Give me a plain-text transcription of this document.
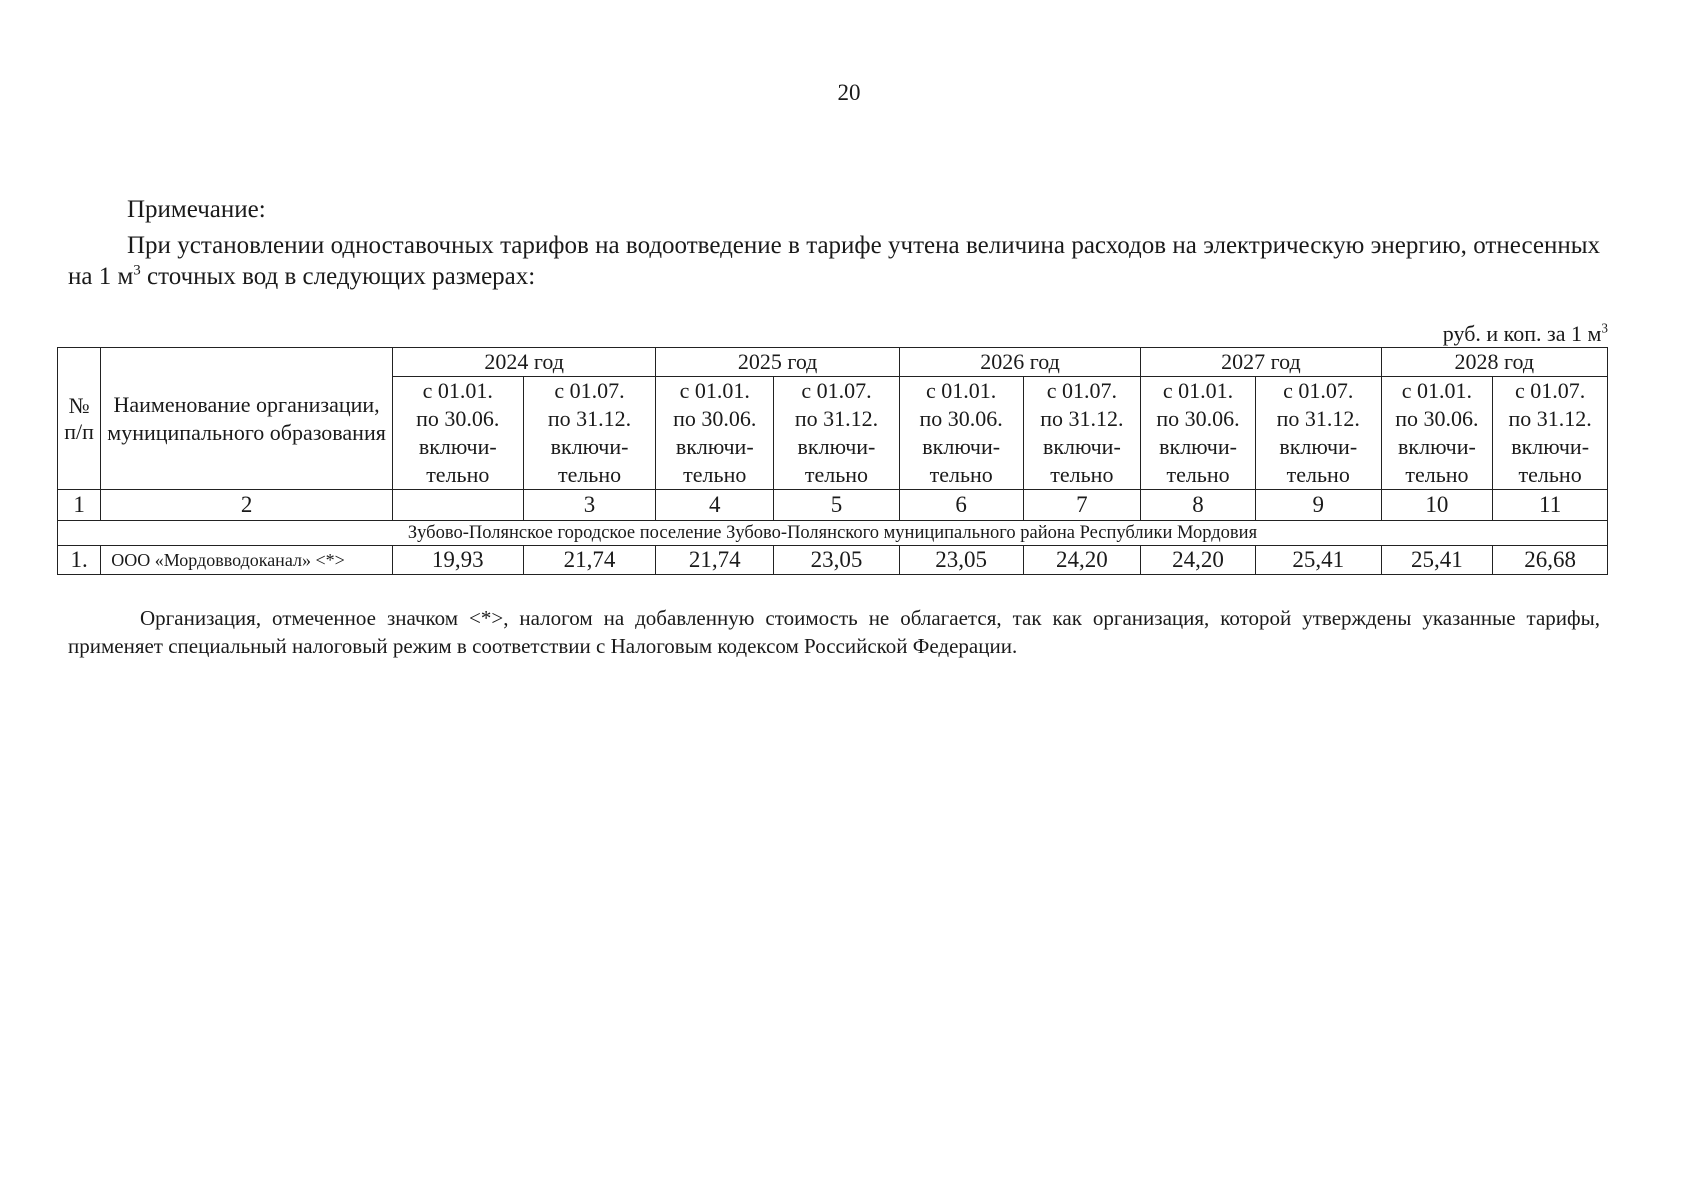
20
Примечание:
При установлении одноставочных тарифов на водоотведение в тарифе учтена величина расходов на электрическую энергию, отнесенных на 1 $м^3$ сточных вод в следующих размерах:
руб. и коп. за 1 $м^3$
№ п/п	Наименование организации, муниципального образования	2024 год		2025 год		2026 год		2027 год		2028 год	

		с 01.01.
по 30.06.
включи-
тельно	с 01.07.
по 31.12.
включи-
тельно	с 01.01.
по 30.06.
включи-
тельно	с 01.07.
по 31.12.
включи-
тельно	с 01.01.
по 30.06.
включи-
тельно	с 01.07.
по 31.12.
включи-
тельно	с 01.01.
по 30.06.
включи-
тельно	с 01.07.
по 31.12.
включи-
тельно	с 01.01.
по 30.06.
включи-
тельно	с 01.07.
по 31.12.
включи-
тельно

1	2		3	4	5	6	7	8	9	10	11
Зубово-Полянское городское поселение Зубово-Полянского муниципального района Республики Мордовия											
1.	ООО «Мордовводоканал» <*>	19,93	21,74	21,74	23,05	23,05	24,20	24,20	25,41	25,41	26,68
Организация, отмеченное значком <*>, налогом на добавленную стоимость не облагается, так как организация, которой утверждены указанные тарифы, применяет специальный налоговый режим в соответствии с Налоговым кодексом Российской Федерации.
